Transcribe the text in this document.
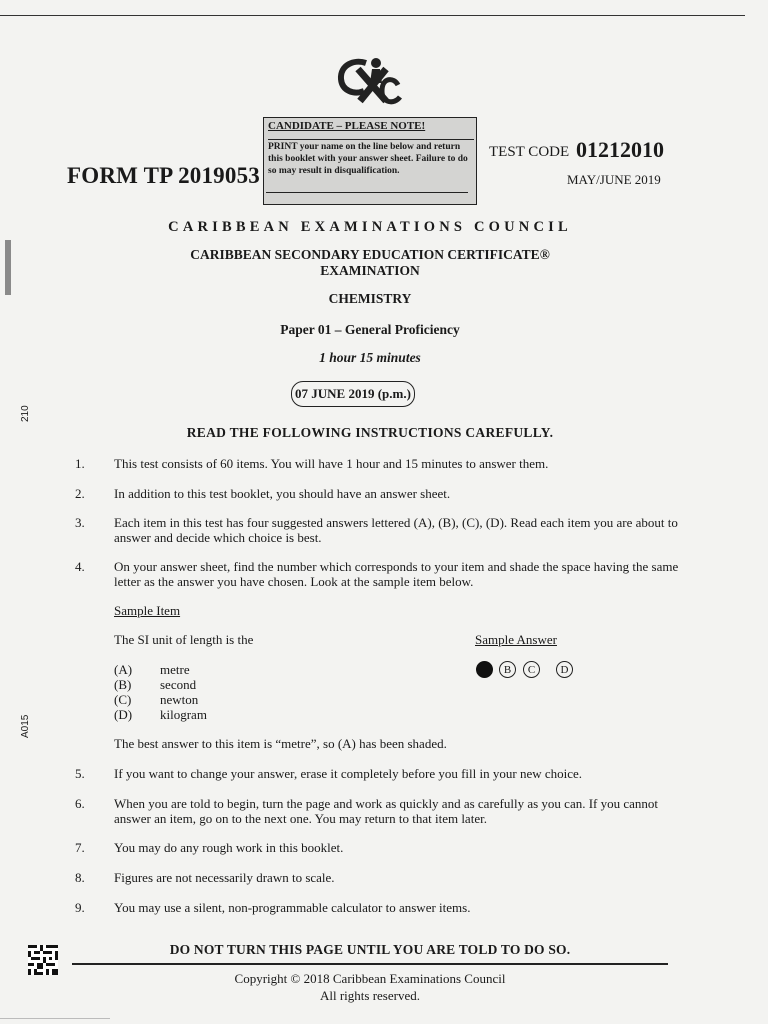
210
A015
CANDIDATE – PLEASE NOTE!
PRINT your name on the line below and return this booklet with your answer sheet. Failure to do so may result in disqualification.
FORM TP 2019053
TEST CODE 01212010
MAY/JUNE 2019
CARIBBEAN EXAMINATIONS COUNCIL
CARIBBEAN SECONDARY EDUCATION CERTIFICATE®
EXAMINATION
CHEMISTRY
Paper 01 – General Proficiency
1 hour 15 minutes
07 JUNE 2019 (p.m.)
READ THE FOLLOWING INSTRUCTIONS CAREFULLY.
1. This test consists of 60 items. You will have 1 hour and 15 minutes to answer them.
2. In addition to this test booklet, you should have an answer sheet.
3. Each item in this test has four suggested answers lettered (A), (B), (C), (D). Read each item you are about to answer and decide which choice is best.
4. On your answer sheet, find the number which corresponds to your item and shade the space having the same letter as the answer you have chosen. Look at the sample item below.
Sample Item
The SI unit of length is the
(A) metre
(B) second
(C) newton
(D) kilogram
Sample Answer
B	C	D
The best answer to this item is “metre”, so (A) has been shaded.
5. If you want to change your answer, erase it completely before you fill in your new choice.
6. When you are told to begin, turn the page and work as quickly and as carefully as you can. If you cannot answer an item, go on to the next one. You may return to that item later.
7. You may do any rough work in this booklet.
8. Figures are not necessarily drawn to scale.
9. You may use a silent, non-programmable calculator to answer items.
DO NOT TURN THIS PAGE UNTIL YOU ARE TOLD TO DO SO.
Copyright © 2018 Caribbean Examinations Council
All rights reserved.
